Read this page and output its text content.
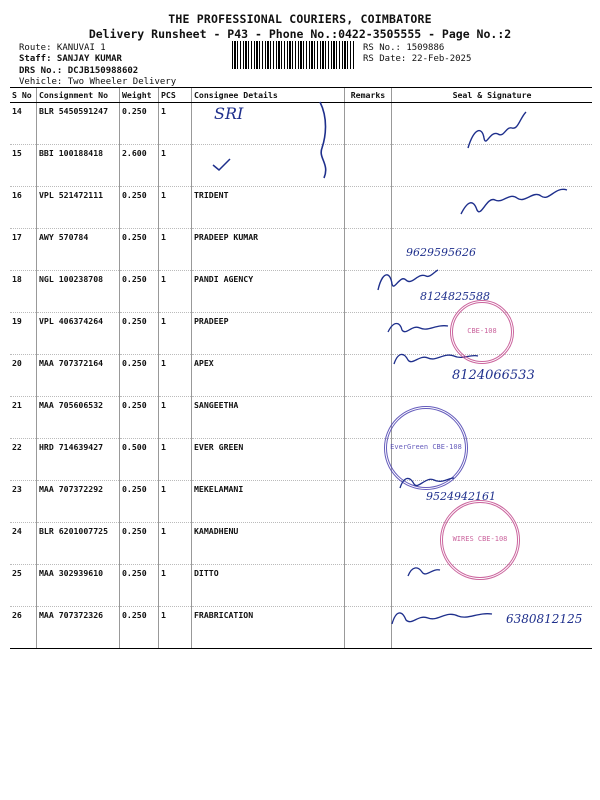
THE PROFESSIONAL COURIERS, COIMBATORE
Delivery Runsheet - P43 - Phone No.:0422-3505555 - Page No.:2
Route: KANUVAI 1
Staff: SANJAY KUMAR
DRS No.: DCJB150988602
Vehicle: Two Wheeler Delivery
RS No.: 1509886
RS Date: 22-Feb-2025
S No	Consignment No	Weight	PCS	Consignee Details	Remarks	Seal & Signature
14	BLR 5450591247	0.250	1			
15	BBI 100188418	2.600	1			
16	VPL 521472111	0.250	1	TRIDENT		
17	AWY 570784	0.250	1	PRADEEP KUMAR		
18	NGL 100238708	0.250	1	PANDI AGENCY		
19	VPL 406374264	0.250	1	PRADEEP		
20	MAA 707372164	0.250	1	APEX		
21	MAA 705606532	0.250	1	SANGEETHA		
22	HRD 714639427	0.500	1	EVER GREEN		
23	MAA 707372292	0.250	1	MEKELAMANI		
24	BLR 6201007725	0.250	1	KAMADHENU		
25	MAA 302939610	0.250	1	DITTO		
26	MAA 707372326	0.250	1	FRABRICATION		
SRI
9629595626
8124825588
8124066533
EverGreen CBE-108
CBE-108
WIRES CBE-108
9524942161
6380812125
